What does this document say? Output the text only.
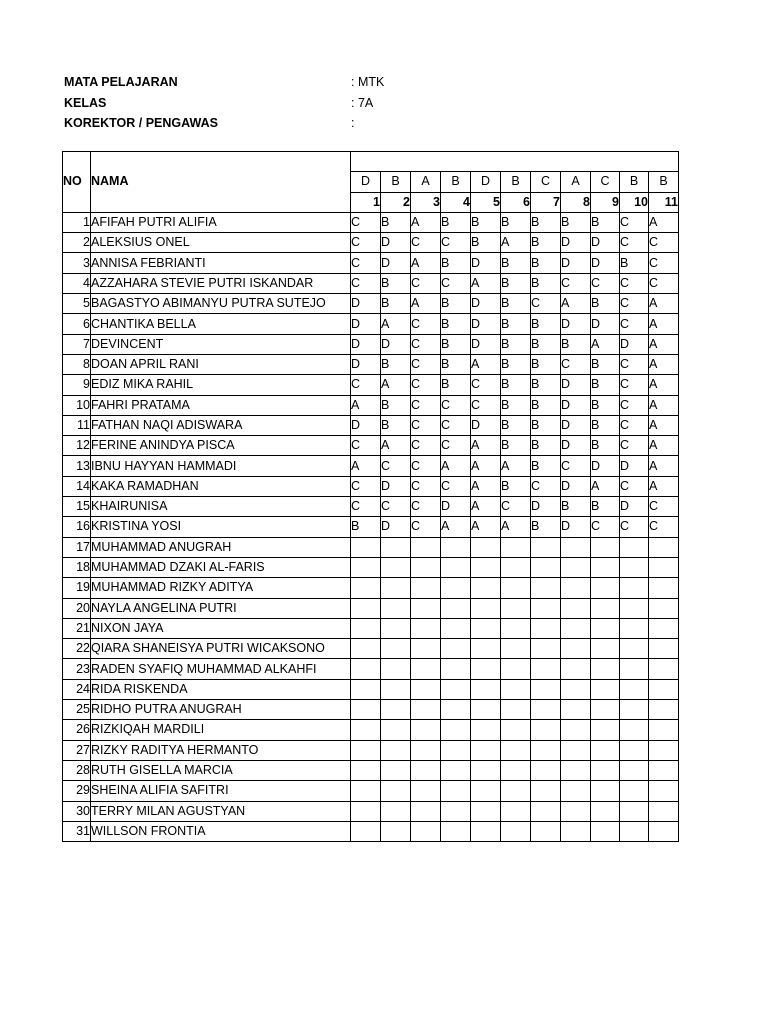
MATA PELAJARAN	: MTK
KELAS	: 7A
KOREKTOR / PENGAWAS	:
NO	NAMA											
		D	B	A	B	D	B	C	A	C	B	B
		1	2	3	4	5	6	7	8	9	10	11
1	AFIFAH PUTRI ALIFIA	C	B	A	B	B	B	B	B	B	C	A
2	ALEKSIUS ONEL	C	D	C	C	B	A	B	D	D	C	C
3	ANNISA FEBRIANTI	C	D	A	B	D	B	B	D	D	B	C
4	AZZAHARA STEVIE PUTRI ISKANDAR	C	B	C	C	A	B	B	C	C	C	C
5	BAGASTYO ABIMANYU PUTRA SUTEJO	D	B	A	B	D	B	C	A	B	C	A
6	CHANTIKA BELLA	D	A	C	B	D	B	B	D	D	C	A
7	DEVINCENT	D	D	C	B	D	B	B	B	A	D	A
8	DOAN APRIL RANI	D	B	C	B	A	B	B	C	B	C	A
9	EDIZ MIKA RAHIL	C	A	C	B	C	B	B	D	B	C	A
10	FAHRI PRATAMA	A	B	C	C	C	B	B	D	B	C	A
11	FATHAN NAQI ADISWARA	D	B	C	C	D	B	B	D	B	C	A
12	FERINE ANINDYA PISCA	C	A	C	C	A	B	B	D	B	C	A
13	IBNU HAYYAN HAMMADI	A	C	C	A	A	A	B	C	D	D	A
14	KAKA RAMADHAN	C	D	C	C	A	B	C	D	A	C	A
15	KHAIRUNISA	C	C	C	D	A	C	D	B	B	D	C
16	KRISTINA YOSI	B	D	C	A	A	A	B	D	C	C	C
17	MUHAMMAD ANUGRAH											
18	MUHAMMAD DZAKI AL-FARIS											
19	MUHAMMAD RIZKY ADITYA											
20	NAYLA ANGELINA PUTRI											
21	NIXON JAYA											
22	QIARA SHANEISYA PUTRI WICAKSONO											
23	RADEN SYAFIQ MUHAMMAD ALKAHFI											
24	RIDA RISKENDA											
25	RIDHO PUTRA ANUGRAH											
26	RIZKIQAH MARDILI											
27	RIZKY RADITYA HERMANTO											
28	RUTH GISELLA MARCIA											
29	SHEINA ALIFIA SAFITRI											
30	TERRY MILAN AGUSTYAN											
31	WILLSON FRONTIA											
